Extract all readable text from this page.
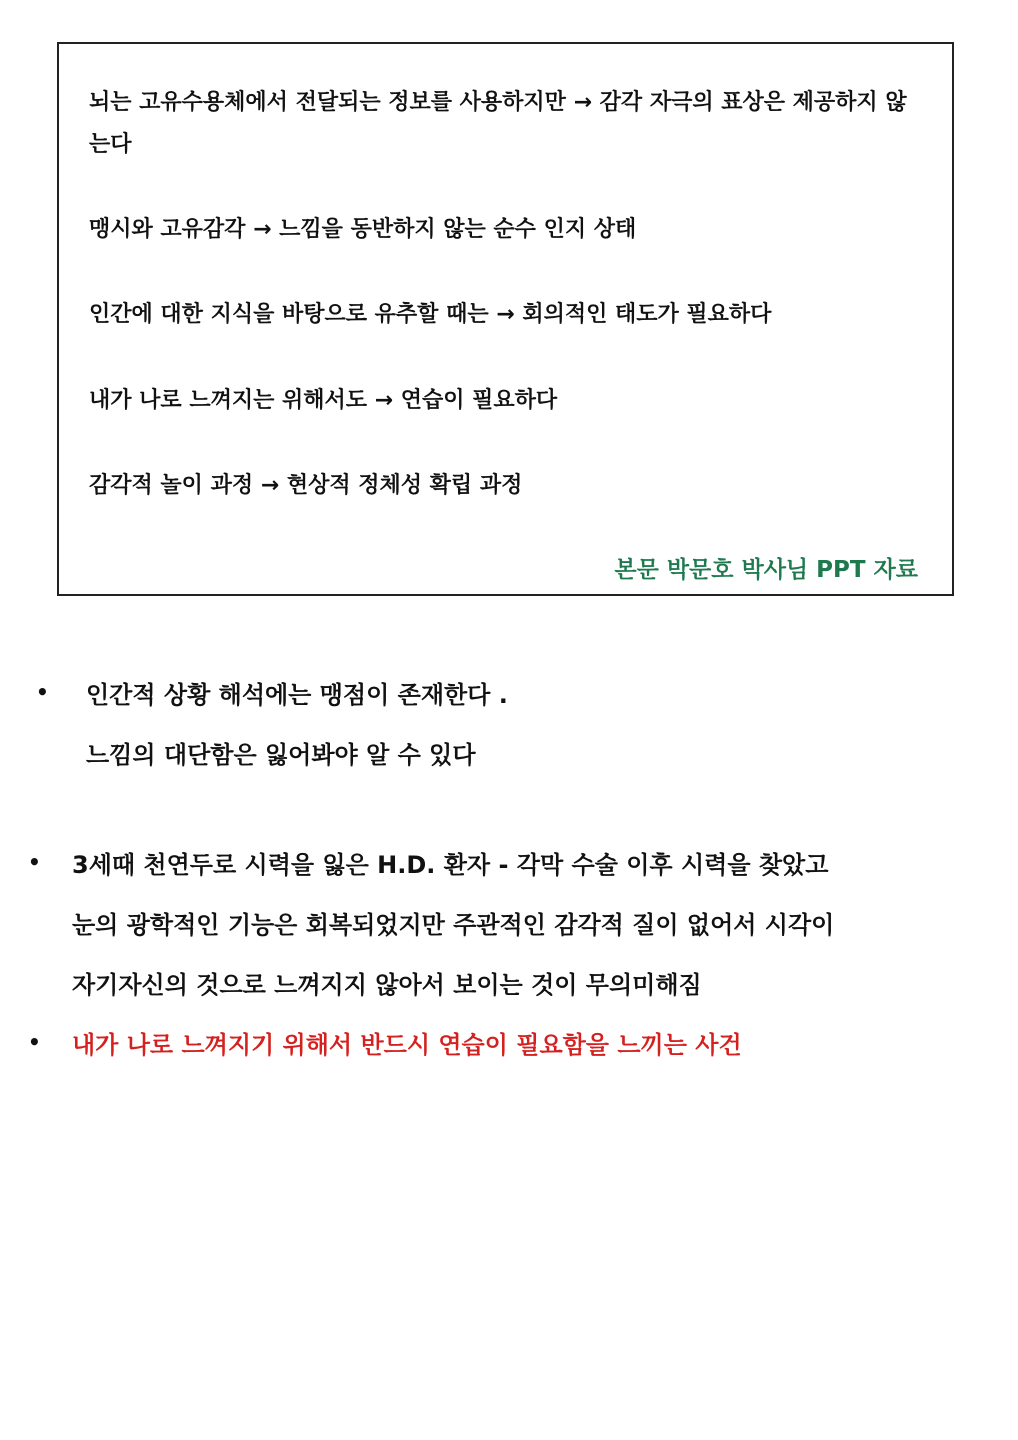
뇌는 고유수용체에서 전달되는 정보를 사용하지만 → 감각 자극의 표상은 제공하지 않는다
맹시와 고유감각 → 느낌을 동반하지 않는 순수 인지 상태
인간에 대한 지식을 바탕으로 유추할 때는 → 회의적인 태도가 필요하다
내가 나로 느껴지는 위해서도 → 연습이 필요하다
감각적 놀이 과정 → 현상적 정체성 확립 과정
본문 박문호 박사님 PPT 자료
• 인간적 상황 해석에는 맹점이 존재한다 .
느낌의 대단함은 잃어봐야 알 수 있다
• 3세때 천연두로 시력을 잃은 H.D. 환자 - 각막 수술 이후 시력을 찾았고
눈의 광학적인 기능은 회복되었지만 주관적인 감각적 질이 없어서 시각이
자기자신의 것으로 느껴지지 않아서 보이는 것이 무의미해짐
• 내가 나로 느껴지기 위해서 반드시 연습이 필요함을 느끼는 사건
